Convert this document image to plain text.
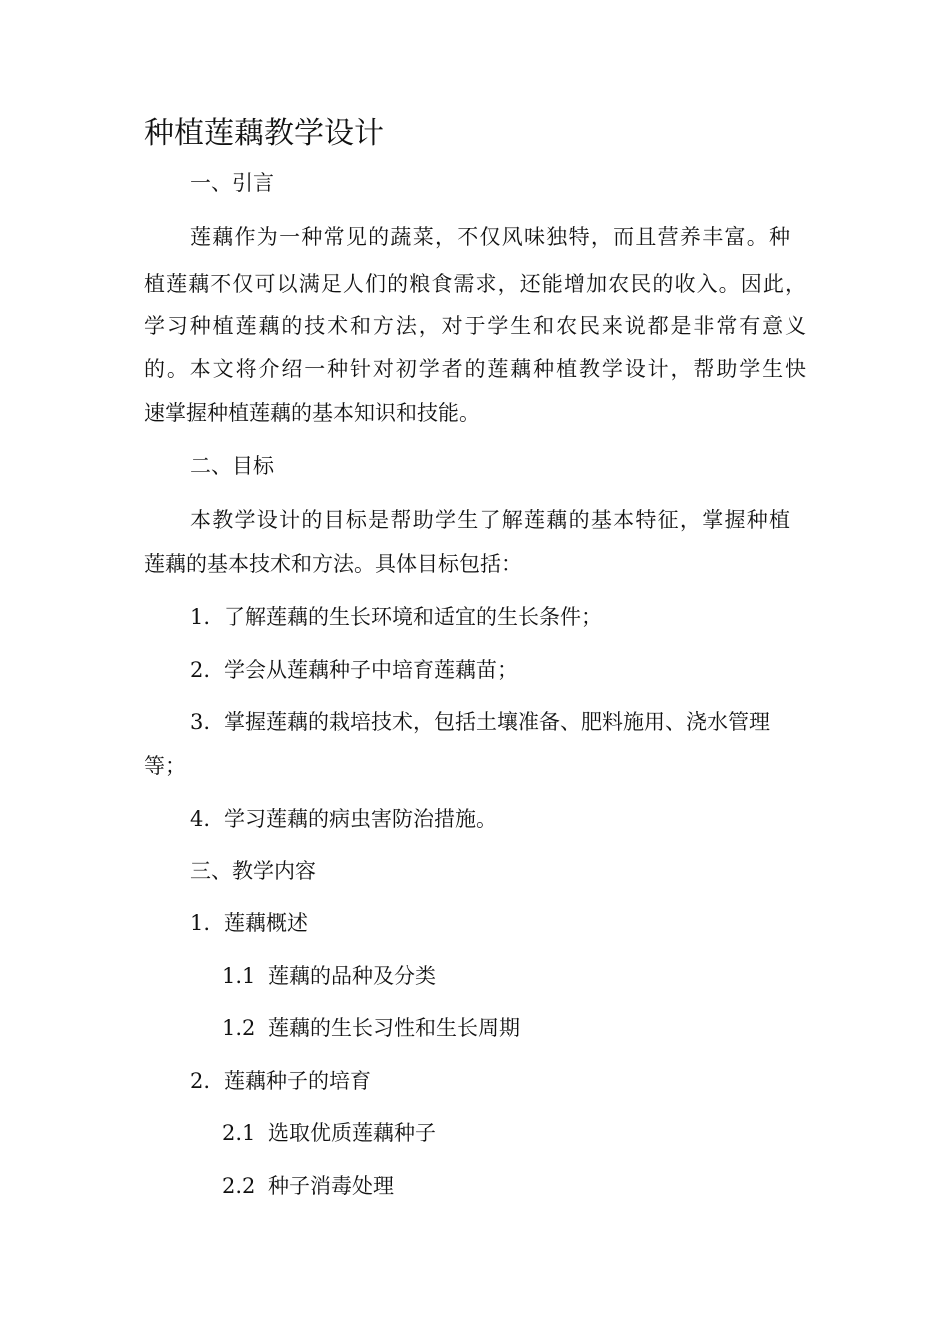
种植莲藕教学设计

一、引言

莲藕作为一种常见的蔬菜，不仅风味独特，而且营养丰富。种

植莲藕不仅可以满足人们的粮食需求，还能增加农民的收入。因此，

学习种植莲藕的技术和方法，对于学生和农民来说都是非常有意义

的。本文将介绍一种针对初学者的莲藕种植教学设计，帮助学生快

速掌握种植莲藕的基本知识和技能。

二、目标

本教学设计的目标是帮助学生了解莲藕的基本特征，掌握种植

莲藕的基本技术和方法。具体目标包括：

1. 了解莲藕的生长环境和适宜的生长条件；

2. 学会从莲藕种子中培育莲藕苗；

3. 掌握莲藕的栽培技术，包括土壤准备、肥料施用、浇水管理

等；

4. 学习莲藕的病虫害防治措施。

三、教学内容

1. 莲藕概述

1.1 莲藕的品种及分类

1.2 莲藕的生长习性和生长周期

2. 莲藕种子的培育

2.1 选取优质莲藕种子

2.2 种子消毒处理
